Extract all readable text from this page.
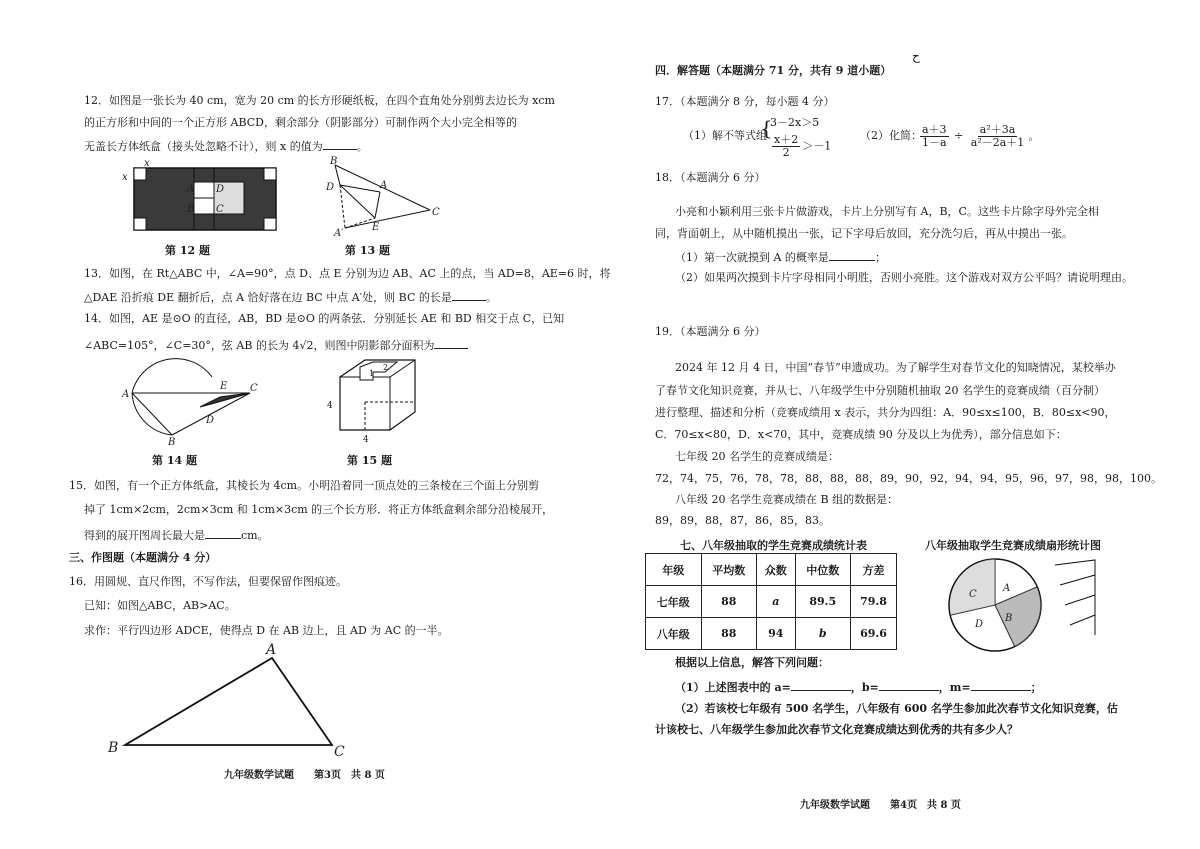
12．如图是一张长为 40 cm，宽为 20 cm 的长方形硬纸板，在四个直角处分别剪去边长为 xcm
的正方形和中间的一个正方形 ABCD，剩余部分（阴影部分）可制作两个大小完全相等的
无盖长方体纸盒（接头处忽略不计），则 x 的值为	。
x
x
A D
B C
第 12 题
B
D	A
A′
E
C
第 13 题
13．如图，在 Rt△ABC 中，∠A=90°，点 D、点 E 分别为边 AB、AC 上的点，当 AD=8，AE=6 时，将
△DAE 沿折痕 DE 翻折后，点 A 恰好落在边 BC 中点 A′处，则 BC 的长是	。
14．如图，AE 是⊙O 的直径，AB，BD 是⊙O 的两条弦．分别延长 AE 和 BD 相交于点 C，已知
∠ABC=105°，∠C=30°，弦 AB 的长为 4√2，则图中阴影部分面积为
A
E C
D
B
第 14 题
4
4
1
2
第 15 题
15．如图，有一个正方体纸盒，其棱长为 4cm。小明沿着同一顶点处的三条棱在三个面上分别剪
掉了 1cm×2cm，2cm×3cm 和 1cm×3cm 的三个长方形．将正方体纸盒剩余部分沿棱展开，
得到的展开图周长最大是	cm。
三、作图题（本题满分 4 分）
16．用圆规、直尺作图，不写作法，但要保留作图痕迹。
已知：如图△ABC，AB>AC。
求作：平行四边形 ADCE，使得点 D 在 AB 边上，且 AD 为 AC 的一半。
A
B	C
九年级数学试题　　第3页　共 8 页
ح
四．解答题（本题满分 71 分，共有 9 道小题）
17．（本题满分 8 分，每小题 4 分）
（1）解不等式组
{
3－2x＞5
$\frac{x+2}{2} >-1$
（2）化简：
$\frac{a+3}{1-a} \div \frac{\text{a²＋3a}}{\text{a²－2a＋1}}$ 。
18．（本题满分 6 分）
小亮和小颖利用三张卡片做游戏，卡片上分别写有 A，B，C。这些卡片除字母外完全相
同，背面朝上，从中随机摸出一张，记下字母后放回，充分洗匀后，再从中摸出一张。
（1）第一次就摸到 A 的概率是	；
（2）如果两次摸到卡片字母相同小明胜，否则小亮胜。这个游戏对双方公平吗？请说明理由。
19．（本题满分 6 分）
2024 年 12 月 4 日，中国“春节”申遗成功。为了解学生对春节文化的知晓情况，某校举办
了春节文化知识竞赛，并从七、八年级学生中分别随机抽取 20 名学生的竞赛成绩（百分制）
进行整理、描述和分析（竞赛成绩用 x 表示，共分为四组：A．90≤x≤100，B．80≤x<90，
C．70≤x<80，D．x<70，其中，竞赛成绩 90 分及以上为优秀），部分信息如下：
七年级 20 名学生的竞赛成绩是：
72，74，75，76，78，78，88，88，88，89，90，92，94，94，95，96，97，98，98，100。
八年级 20 名学生竞赛成绩在 B 组的数据是：
89，89，88，87，86，85，83。
七、八年级抽取的学生竞赛成绩统计表	八年级抽取学生竞赛成绩扇形统计图
年级	平均数	众数	中位数	方差
七年级	88	a	89.5	79.8
八年级	88	94	b	69.6
A
B
C
D
根据以上信息，解答下列问题：
（1）上述图表中的 a=	，b=	，m=	；
（2）若该校七年级有 500 名学生，八年级有 600 名学生参加此次春节文化知识竞赛，估
计该校七、八年级学生参加此次春节文化竞赛成绩达到优秀的共有多少人？
九年级数学试题　　第4页　共 8 页
